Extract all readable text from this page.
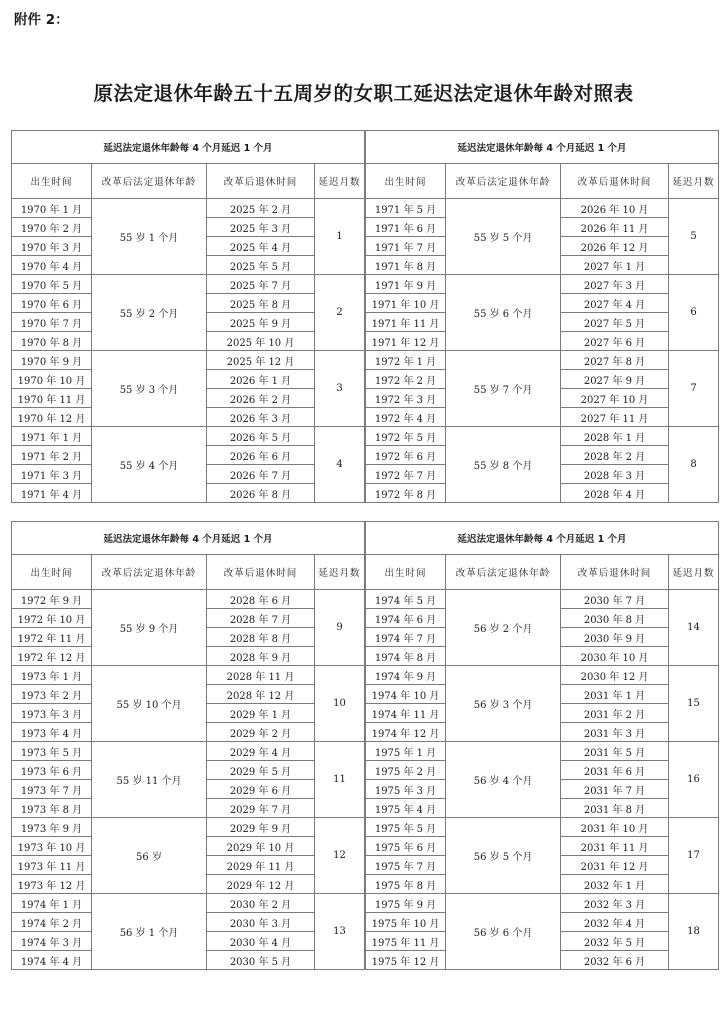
附件 2：
原法定退休年龄五十五周岁的女职工延迟法定退休年龄对照表
延迟法定退休年龄每 4 个月延迟 1 个月			
出生时间	改革后法定退休年龄	改革后退休时间	延迟月数
1970 年 1 月	55 岁 1 个月	2025 年 2 月	1
1970 年 2 月		2025 年 3 月	
1970 年 3 月		2025 年 4 月	
1970 年 4 月		2025 年 5 月	
1970 年 5 月	55 岁 2 个月	2025 年 7 月	2
1970 年 6 月		2025 年 8 月	
1970 年 7 月		2025 年 9 月	
1970 年 8 月		2025 年 10 月	
1970 年 9 月	55 岁 3 个月	2025 年 12 月	3
1970 年 10 月		2026 年 1 月	
1970 年 11 月		2026 年 2 月	
1970 年 12 月		2026 年 3 月	
1971 年 1 月	55 岁 4 个月	2026 年 5 月	4
1971 年 2 月		2026 年 6 月	
1971 年 3 月		2026 年 7 月	
1971 年 4 月		2026 年 8 月	
延迟法定退休年龄每 4 个月延迟 1 个月			
出生时间	改革后法定退休年龄	改革后退休时间	延迟月数
1971 年 5 月	55 岁 5 个月	2026 年 10 月	5
1971 年 6 月		2026 年 11 月	
1971 年 7 月		2026 年 12 月	
1971 年 8 月		2027 年 1 月	
1971 年 9 月	55 岁 6 个月	2027 年 3 月	6
1971 年 10 月		2027 年 4 月	
1971 年 11 月		2027 年 5 月	
1971 年 12 月		2027 年 6 月	
1972 年 1 月	55 岁 7 个月	2027 年 8 月	7
1972 年 2 月		2027 年 9 月	
1972 年 3 月		2027 年 10 月	
1972 年 4 月		2027 年 11 月	
1972 年 5 月	55 岁 8 个月	2028 年 1 月	8
1972 年 6 月		2028 年 2 月	
1972 年 7 月		2028 年 3 月	
1972 年 8 月		2028 年 4 月	
延迟法定退休年龄每 4 个月延迟 1 个月			
出生时间	改革后法定退休年龄	改革后退休时间	延迟月数
1972 年 9 月	55 岁 9 个月	2028 年 6 月	9
1972 年 10 月		2028 年 7 月	
1972 年 11 月		2028 年 8 月	
1972 年 12 月		2028 年 9 月	
1973 年 1 月	55 岁 10 个月	2028 年 11 月	10
1973 年 2 月		2028 年 12 月	
1973 年 3 月		2029 年 1 月	
1973 年 4 月		2029 年 2 月	
1973 年 5 月	55 岁 11 个月	2029 年 4 月	11
1973 年 6 月		2029 年 5 月	
1973 年 7 月		2029 年 6 月	
1973 年 8 月		2029 年 7 月	
1973 年 9 月	56 岁	2029 年 9 月	12
1973 年 10 月		2029 年 10 月	
1973 年 11 月		2029 年 11 月	
1973 年 12 月		2029 年 12 月	
1974 年 1 月	56 岁 1 个月	2030 年 2 月	13
1974 年 2 月		2030 年 3 月	
1974 年 3 月		2030 年 4 月	
1974 年 4 月		2030 年 5 月	
延迟法定退休年龄每 4 个月延迟 1 个月			
出生时间	改革后法定退休年龄	改革后退休时间	延迟月数
1974 年 5 月	56 岁 2 个月	2030 年 7 月	14
1974 年 6 月		2030 年 8 月	
1974 年 7 月		2030 年 9 月	
1974 年 8 月		2030 年 10 月	
1974 年 9 月	56 岁 3 个月	2030 年 12 月	15
1974 年 10 月		2031 年 1 月	
1974 年 11 月		2031 年 2 月	
1974 年 12 月		2031 年 3 月	
1975 年 1 月	56 岁 4 个月	2031 年 5 月	16
1975 年 2 月		2031 年 6 月	
1975 年 3 月		2031 年 7 月	
1975 年 4 月		2031 年 8 月	
1975 年 5 月	56 岁 5 个月	2031 年 10 月	17
1975 年 6 月		2031 年 11 月	
1975 年 7 月		2031 年 12 月	
1975 年 8 月		2032 年 1 月	
1975 年 9 月	56 岁 6 个月	2032 年 3 月	18
1975 年 10 月		2032 年 4 月	
1975 年 11 月		2032 年 5 月	
1975 年 12 月		2032 年 6 月	
